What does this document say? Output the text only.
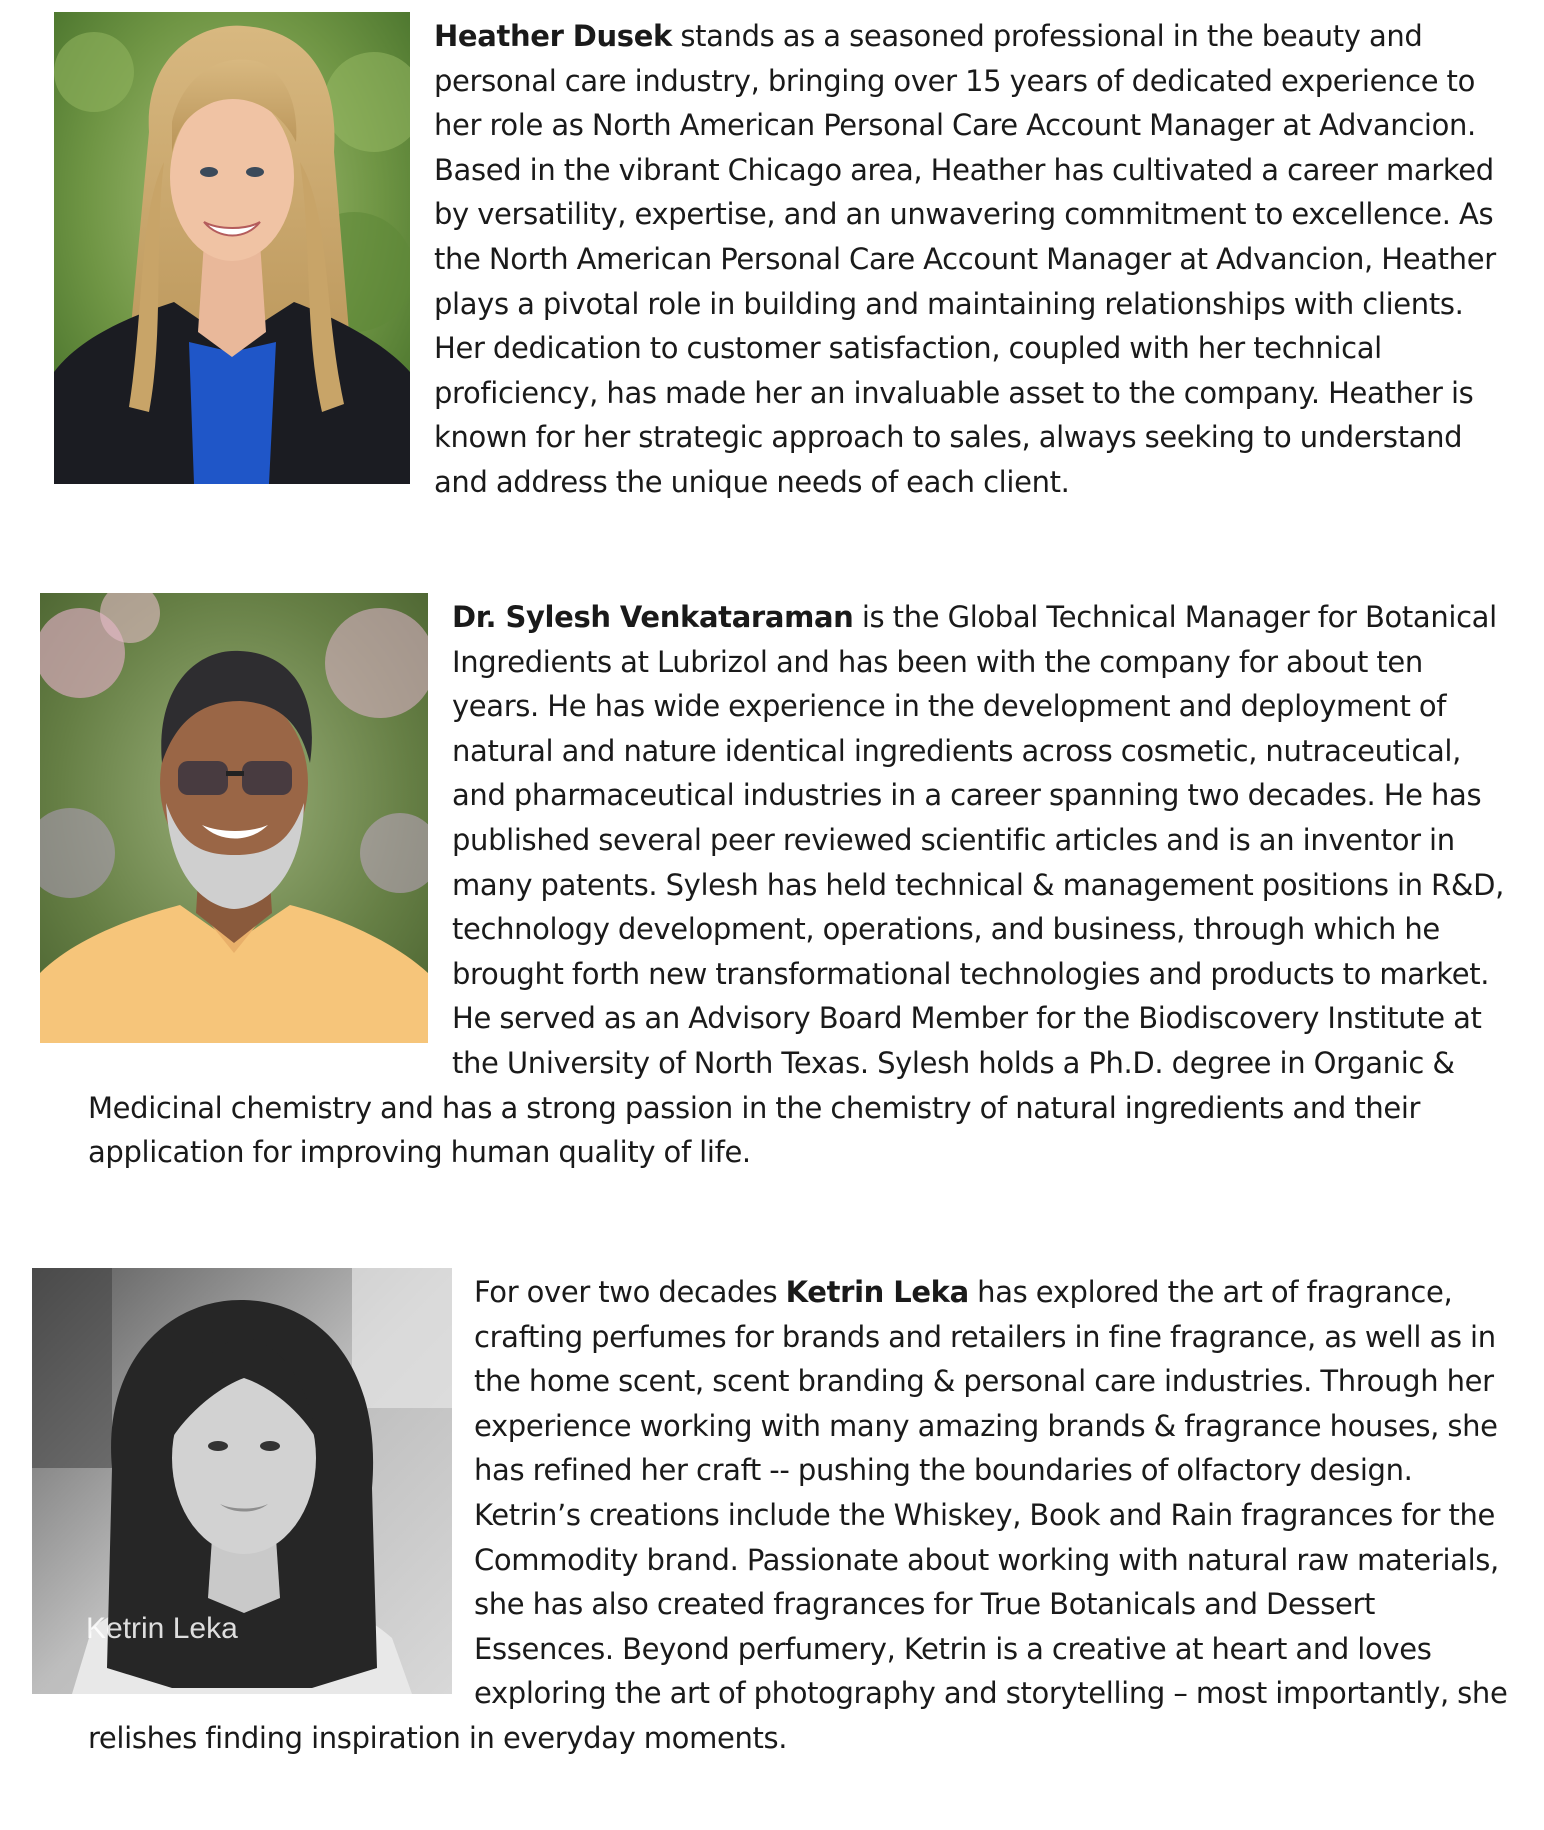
Heather Dusek stands as a seasoned professional in the beauty and personal care industry, bringing over 15 years of dedicated experience to her role as North American Personal Care Account Manager at Advancion. Based in the vibrant Chicago area, Heather has cultivated a career marked by versatility, expertise, and an unwavering commitment to excellence. As the North American Personal Care Account Manager at Advancion, Heather plays a pivotal role in building and maintaining relationships with clients. Her dedication to customer satisfaction, coupled with her technical proficiency, has made her an invaluable asset to the company. Heather is known for her strategic approach to sales, always seeking to understand and address the unique needs of each client.

Dr. Sylesh Venkataraman is the Global Technical Manager for Botanical Ingredients at Lubrizol and has been with the company for about ten years. He has wide experience in the development and deployment of natural and nature identical ingredients across cosmetic, nutraceutical, and pharmaceutical industries in a career spanning two decades. He has published several peer reviewed scientific articles and is an inventor in many patents. Sylesh has held technical & management positions in R&D, technology development, operations, and business, through which he brought forth new transformational technologies and products to market. He served as an Advisory Board Member for the Biodiscovery Institute at the University of North Texas. Sylesh holds a Ph.D. degree in Organic & Medicinal chemistry and has a strong passion in the chemistry of natural ingredients and their application for improving human quality of life.

Ketrin Leka

For over two decades Ketrin Leka has explored the art of fragrance, crafting perfumes for brands and retailers in fine fragrance, as well as in the home scent, scent branding & personal care industries. Through her experience working with many amazing brands & fragrance houses, she has refined her craft -- pushing the boundaries of olfactory design. Ketrin’s creations include the Whiskey, Book and Rain fragrances for the Commodity brand. Passionate about working with natural raw materials, she has also created fragrances for True Botanicals and Dessert Essences. Beyond perfumery, Ketrin is a creative at heart and loves exploring the art of photography and storytelling – most importantly, she relishes finding inspiration in everyday moments.
